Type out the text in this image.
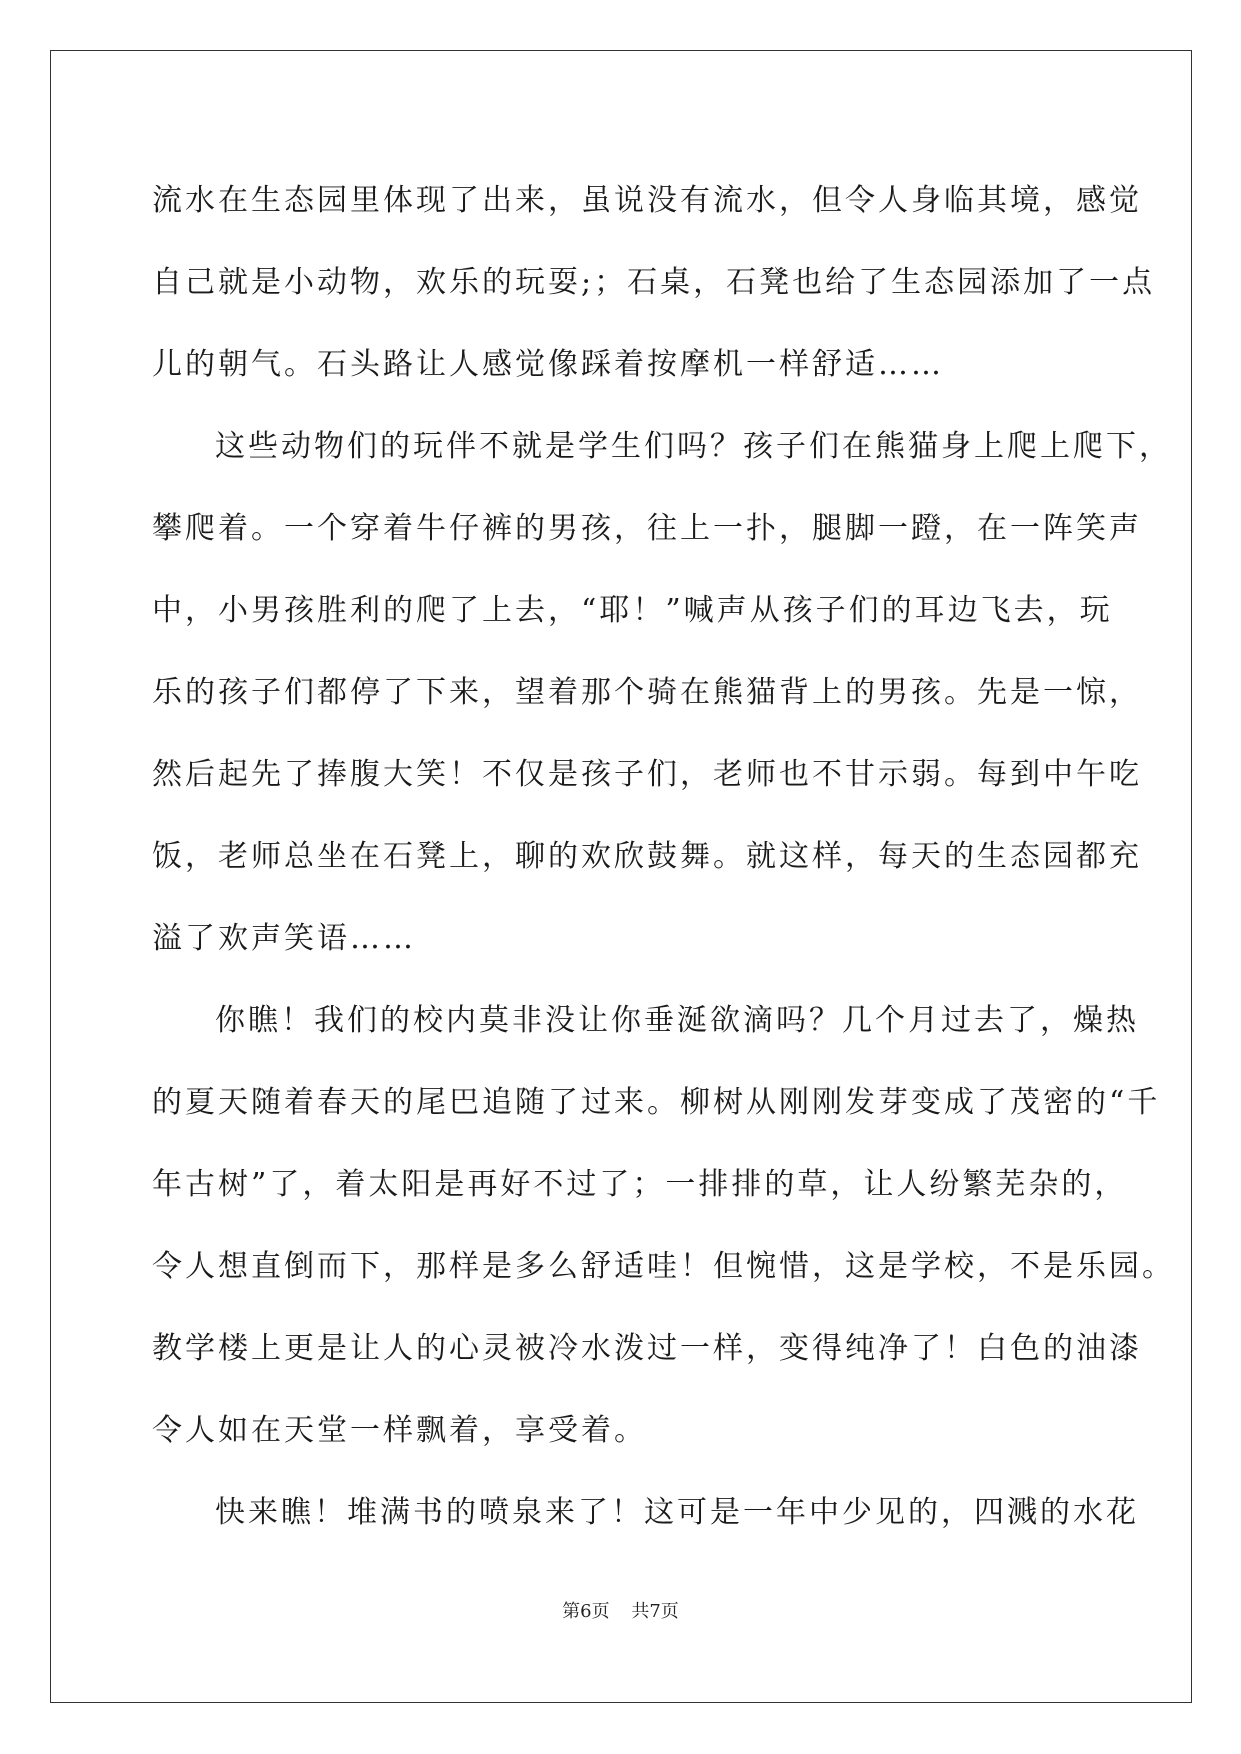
流水在生态园里体现了出来，虽说没有流水，但令人身临其境，感觉
自己就是小动物，欢乐的玩耍;；石桌，石凳也给了生态园添加了一点
儿的朝气。石头路让人感觉像踩着按摩机一样舒适……
这些动物们的玩伴不就是学生们吗？孩子们在熊猫身上爬上爬下，
攀爬着。一个穿着牛仔裤的男孩，往上一扑，腿脚一蹬，在一阵笑声
中，小男孩胜利的爬了上去，“耶！”喊声从孩子们的耳边飞去，玩
乐的孩子们都停了下来，望着那个骑在熊猫背上的男孩。先是一惊，
然后起先了捧腹大笑！不仅是孩子们，老师也不甘示弱。每到中午吃
饭，老师总坐在石凳上，聊的欢欣鼓舞。就这样，每天的生态园都充
溢了欢声笑语……
你瞧！我们的校内莫非没让你垂涎欲滴吗？几个月过去了，燥热
的夏天随着春天的尾巴追随了过来。柳树从刚刚发芽变成了茂密的“千
年古树”了，着太阳是再好不过了；一排排的草，让人纷繁芜杂的，
令人想直倒而下，那样是多么舒适哇！但惋惜，这是学校，不是乐园。
教学楼上更是让人的心灵被冷水泼过一样，变得纯净了！白色的油漆
令人如在天堂一样飘着，享受着。
快来瞧！堆满书的喷泉来了！这可是一年中少见的，四溅的水花
第6页 共7页
